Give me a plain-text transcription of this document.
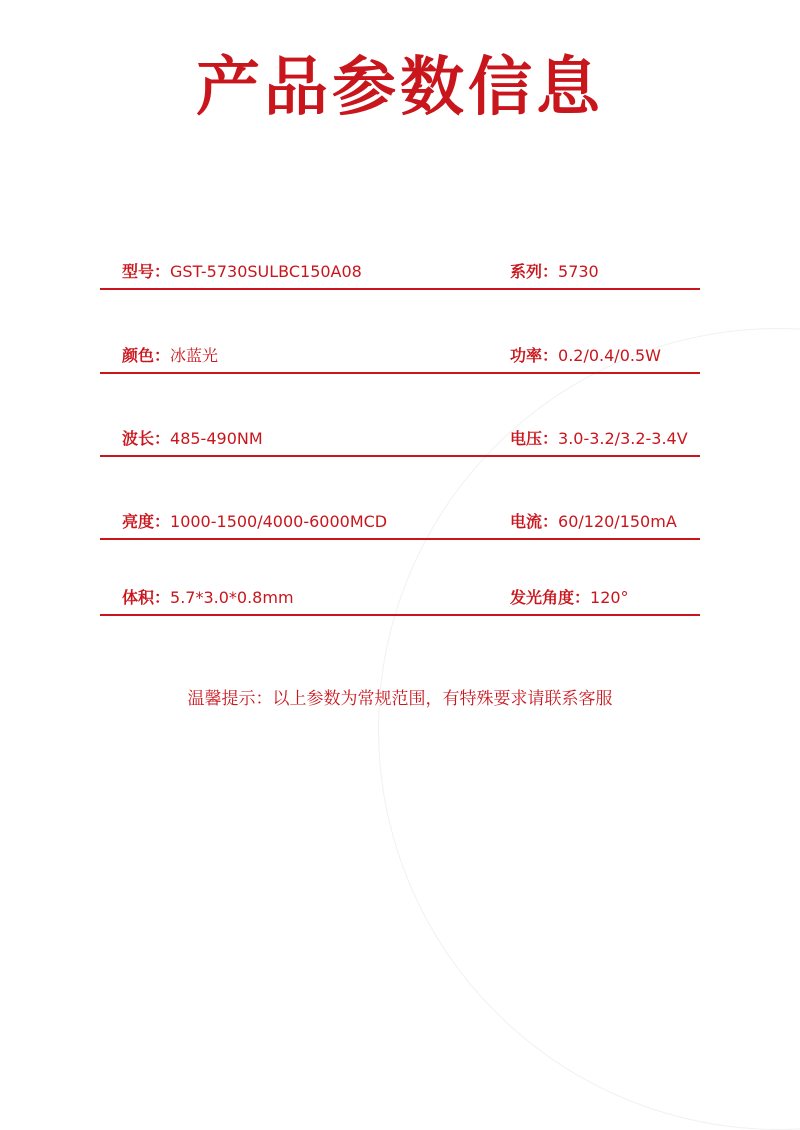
产品参数信息
型号：GST-5730SULBC150A08	系列：5730
颜色：冰蓝光	功率：0.2/0.4/0.5W
波长：485-490NM	电压：3.0-3.2/3.2-3.4V
亮度：1000-1500/4000-6000MCD	电流：60/120/150mA
体积：5.7*3.0*0.8mm	发光角度：120°
温馨提示：以上参数为常规范围，有特殊要求请联系客服
